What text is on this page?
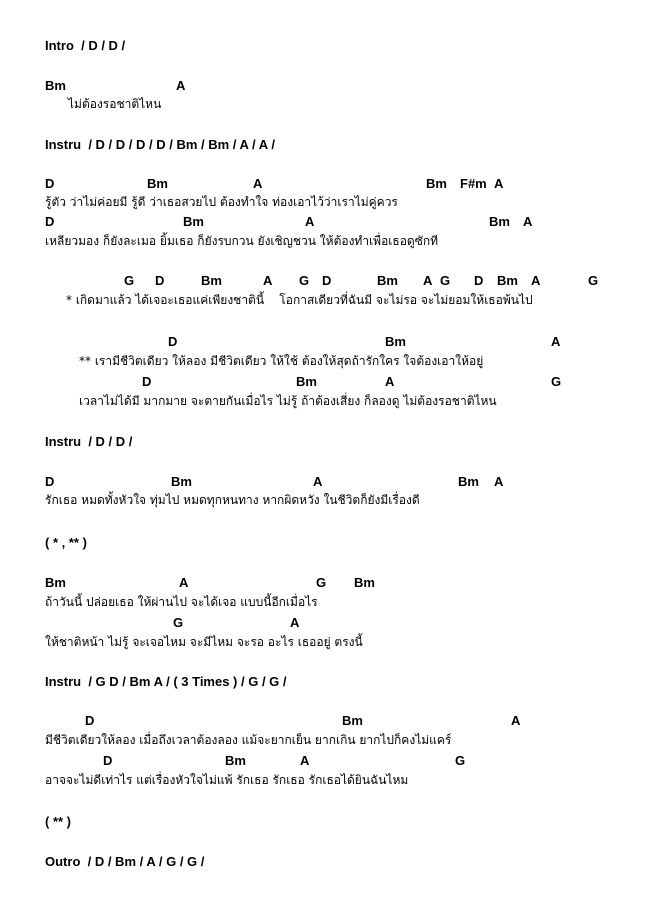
Intro  / D / D /
Bm	A
ไม่ต้องรอชาติไหน
Instru  / D / D / D / D / Bm / Bm / A / A /
D	Bm	A	Bm F#m A
รู้ตัว ว่าไม่ค่อยมี รู้ดี ว่าเธอสวยไป ต้องทำใจ ท่องเอาไว้ว่าเราไม่คู่ควร
D	Bm	A	Bm A
เหลียวมอง ก็ยังละเมอ ยิ้มเธอ ก็ยังรบกวน ยังเชิญชวน ให้ต้องทำเพื่อเธอดูซักที
G D	Bm	A G D	Bm A G D Bm A	G
* เกิดมาแล้ว ได้เจอะเธอแค่เพียงชาตินี้    โอกาสเดียวที่ฉันมี จะไม่รอ จะไม่ยอมให้เธอพ้นไป
D	Bm	A
** เรามีชีวิตเดียว ให้ลอง มีชีวิตเดียว ให้ใช้ ต้องให้สุดถ้ารักใคร ใจต้องเอาให้อยู่
D	Bm	A	G
เวลาไม่ได้มี มากมาย จะตายกันเมื่อไร ไม่รู้ ถ้าต้องเสี่ยง ก็ลองดู ไม่ต้องรอชาติไหน
Instru  / D / D /
D	Bm	A	Bm A
รักเธอ หมดทั้งหัวใจ ทุ่มไป หมดทุกหนทาง หากผิดหวัง ในชีวิตก็ยังมีเรื่องดี
( * , ** )
Bm	A	G Bm
ถ้าวันนี้ ปล่อยเธอ ให้ผ่านไป จะได้เจอ แบบนี้อีกเมื่อไร
G	A
ให้ชาติหน้า ไม่รู้ จะเจอไหม จะมีไหม จะรอ อะไร เธออยู่ ตรงนี้
Instru  / G D / Bm A / ( 3 Times ) / G / G /
D	Bm	A
มีชีวิตเดียวให้ลอง เมื่อถึงเวลาต้องลอง แม้จะยากเย็น ยากเกิน ยากไปก็คงไม่แคร์
D	Bm	A	G
อาจจะไม่ดีเท่าไร แต่เรื่องหัวใจไม่แพ้ รักเธอ รักเธอ รักเธอได้ยินฉันไหม
( ** )
Outro  / D / Bm / A / G / G /
